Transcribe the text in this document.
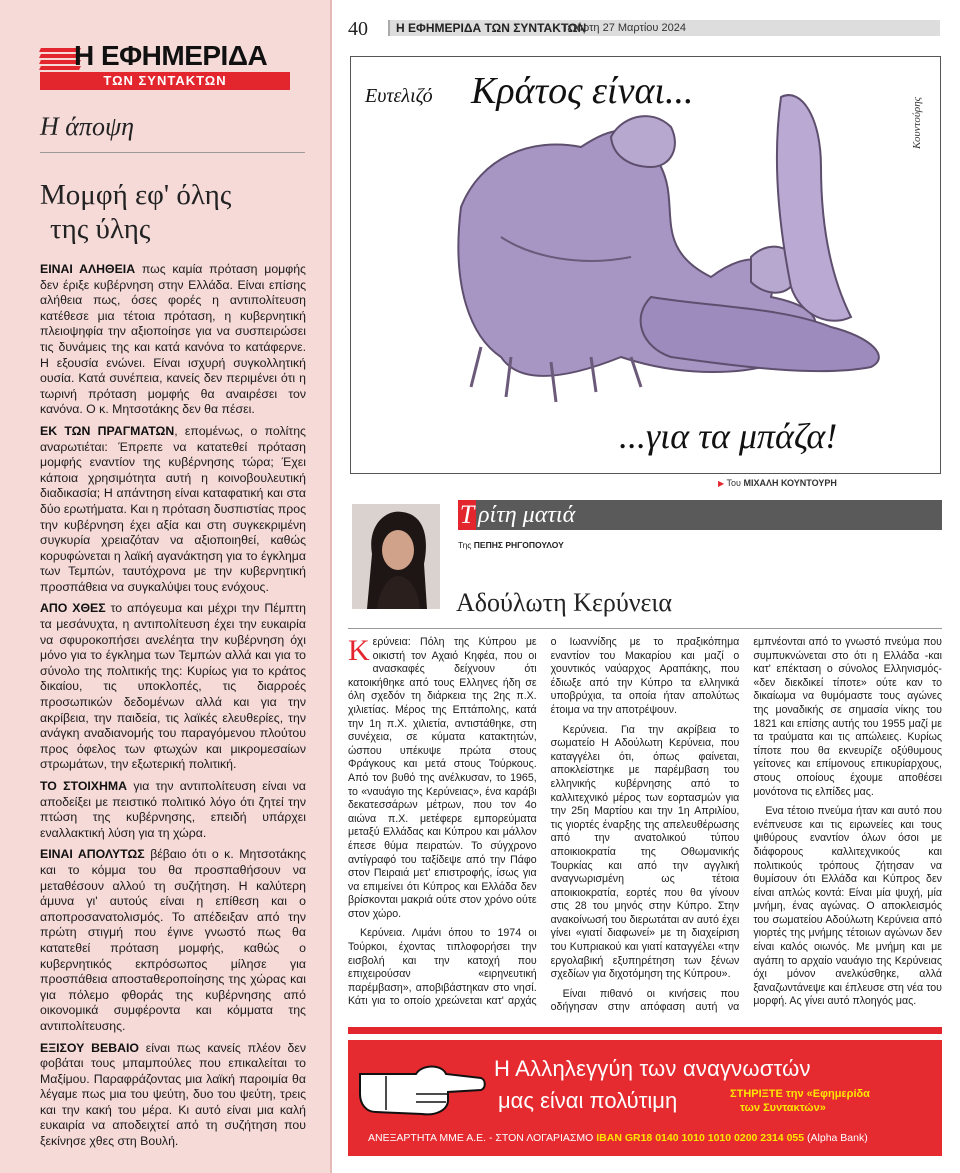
Η ΕΦΗΜΕΡΙΔΑ
ΤΩΝ ΣΥΝΤΑΚΤΩΝ
Η άποψη
Μομφή εφ' όλης
της ύλης

ΕΙΝΑΙ ΑΛΗΘΕΙΑ πως καμία πρόταση μομφής δεν έριξε κυβέρνηση στην Ελλάδα. Είναι επίσης αλήθεια πως, όσες φορές η αντιπολίτευση κατέθεσε μια τέτοια πρόταση, η κυβερνητική πλειοψηφία την αξιοποίησε για να συσπειρώσει τις δυνάμεις της και κατά κανόνα το κατάφερνε. Η εξουσία ενώνει. Είναι ισχυρή συγκολλητική ουσία. Κατά συνέπεια, κανείς δεν περιμένει ότι η τωρινή πρόταση μομφής θα αναιρέσει τον κανόνα. Ο κ. Μητσοτάκης δεν θα πέσει.

ΕΚ ΤΩΝ ΠΡΑΓΜΑΤΩΝ, επομένως, ο πολίτης αναρωτιέται: Έπρεπε να κατατεθεί πρόταση μομφής εναντίον της κυβέρνησης τώρα; Έχει κάποια χρησιμότητα αυτή η κοινοβουλευτική διαδικασία; Η απάντηση είναι καταφατική και στα δύο ερωτήματα. Και η πρόταση δυσπιστίας προς την κυβέρνηση έχει αξία και στη συγκεκριμένη συγκυρία χρειαζόταν να αξιοποιηθεί, καθώς κορυφώνεται η λαϊκή αγανάκτηση για το έγκλημα των Τεμπών, ταυτόχρονα με την κυβερνητική προσπάθεια να συγκαλύψει τους ενόχους.

ΑΠΟ ΧΘΕΣ το απόγευμα και μέχρι την Πέμπτη τα μεσάνυχτα, η αντιπολίτευση έχει την ευκαιρία να σφυροκοπήσει ανελέητα την κυβέρνηση όχι μόνο για το έγκλημα των Τεμπών αλλά και για το σύνολο της πολιτικής της: Κυρίως για το κράτος δικαίου, τις υποκλοπές, τις διαρροές προσωπικών δεδομένων αλλά και για την ακρίβεια, την παιδεία, τις λαϊκές ελευθερίες, την ανάγκη αναδιανομής του παραγόμενου πλούτου προς όφελος των φτωχών και μικρομεσαίων στρωμάτων, την εξωτερική πολιτική.

ΤΟ ΣΤΟΙΧΗΜΑ για την αντιπολίτευση είναι να αποδείξει με πειστικό πολιτικό λόγο ότι ζητεί την πτώση της κυβέρνησης, επειδή υπάρχει εναλλακτική λύση για τη χώρα.

ΕΙΝΑΙ ΑΠΟΛΥΤΩΣ βέβαιο ότι ο κ. Μητσοτάκης και το κόμμα του θα προσπαθήσουν να μεταθέσουν αλλού τη συζήτηση. Η καλύτερη άμυνα γι' αυτούς είναι η επίθεση και ο αποπροσανατολισμός. Το απέδειξαν από την πρώτη στιγμή που έγινε γνωστό πως θα κατατεθεί πρόταση μομφής, καθώς ο κυβερνητικός εκπρόσωπος μίλησε για προσπάθεια αποσταθεροποίησης της χώρας και για πόλεμο φθοράς της κυβέρνησης από οικονομικά συμφέροντα και κόμματα της αντιπολίτευσης.

ΕΞΙΣΟΥ ΒΕΒΑΙΟ είναι πως κανείς πλέον δεν φοβάται τους μπαμπούλες που επικαλείται το Μαξίμου. Παραφράζοντας μια λαϊκή παροιμία θα λέγαμε πως μια του ψεύτη, δυο του ψεύτη, τρεις και την κακή του μέρα. Κι αυτό είναι μια καλή ευκαιρία να αποδειχτεί από τη συζήτηση που ξεκίνησε χθες στη Βουλή.

40 Η ΕΦΗΜΕΡΙΔΑ ΤΩΝ ΣΥΝΤΑΚΤΩΝ
Τετάρτη 27 Μαρτίου 2024
Ευτελιζό Κράτος είναι...
...για τα μπάζα!
Κουντούρης
▶ Του ΜΙΧΑΛΗ ΚΟΥΝΤΟΥΡΗ
Τ ρίτη ματιά
Της ΠΕΠΗΣ ΡΗΓΟΠΟΥΛΟΥ
Αδούλωτη Κερύνεια

Κερύνεια: Πόλη της Κύπρου με οικιστή τον Αχαιό Κηφέα, που οι ανασκαφές δείχνουν ότι κατοικήθηκε από τους Ελληνες ήδη σε όλη σχεδόν τη διάρκεια της 2ης π.Χ. χιλιετίας. Μέρος της Επτάπολης, κατά την 1η π.Χ. χιλιετία, αντιστάθηκε, στη συνέχεια, σε κύματα κατακτητών, ώσπου υπέκυψε πρώτα στους Φράγκους και μετά στους Τούρκους. Από τον βυθό της ανέλκυσαν, το 1965, το «ναυάγιο της Κερύνειας», ένα καράβι δεκατεσσάρων μέτρων, που τον 4ο αιώνα π.Χ. μετέφερε εμπορεύματα μεταξύ Ελλάδας και Κύπρου και μάλλον έπεσε θύμα πειρατών. Το σύγχρονο αντίγραφό του ταξίδεψε από την Πάφο στον Πειραιά μετ' επιστροφής, ίσως για να επιμείνει ότι Κύπρος και Ελλάδα δεν βρίσκονται μακριά ούτε στον χρόνο ούτε στον χώρο.

Κερύνεια. Λιμάνι όπου το 1974 οι Τούρκοι, έχοντας τιπλοφορήσει την εισβολή και την κατοχή που επιχειρούσαν «ειρηνευτική παρέμβαση», αποβιβάστηκαν στο νησί. Κάτι για το οποίο χρεώνεται κατ' αρχάς ο Ιωαννίδης με το πραξικόπημα εναντίον του Μακαρίου και μαζί ο χουντικός ναύαρχος Αραπάκης, που έδιωξε από την Κύπρο τα ελληνικά υποβρύχια, τα οποία ήταν απολύτως έτοιμα να την αποτρέψουν.

Κερύνεια. Για την ακρίβεια το σωματείο Η Αδούλωτη Κερύνεια, που καταγγέλει ότι, όπως φαίνεται, αποκλείστηκε με παρέμβαση του ελληνικής κυβέρνησης από το καλλιτεχνικό μέρος των εορτασμών για την 25η Μαρτίου και την 1η Απριλίου, τις γιορτές έναρξης της απελευθέρωσης από την ανατολικού τύπου αποικιοκρατία της Οθωμανικής Τουρκίας και από την αγγλική αναγνωρισμένη ως τέτοια αποικιοκρατία, εορτές που θα γίνουν στις 28 του μηνός στην Κύπρο. Στην ανακοίνωσή του διερωτάται αν αυτό έχει γίνει «γιατί διαφωνεί» με τη διαχείριση του Κυπριακού και γιατί καταγγέλει «την εργολαβική εξυπηρέτηση των ξένων σχεδίων για διχοτόμηση της Κύπρου».

Είναι πιθανό οι κινήσεις που οδήγησαν στην απόφαση αυτή να εμπνέονται από το γνωστό πνεύμα που συμπυκνώνεται στο ότι η Ελλάδα -και κατ' επέκταση ο σύνολος Ελληνισμός- «δεν διεκδικεί τίποτε» ούτε καν το δικαίωμα να θυμόμαστε τους αγώνες της μοναδικής σε σημασία νίκης του 1821 και επίσης αυτής του 1955 μαζί με τα τραύματα και τις απώλειες. Κυρίως τίποτε που θα εκνευρίζε οξύθυμους γείτονες και επίμονους επικυρίαρχους, στους οποίους έχουμε αποθέσει μονότονα τις ελπίδες μας.

Ενα τέτοιο πνεύμα ήταν και αυτό που ενέπνευσε και τις ειρωνείες και τους ψιθύρους εναντίον όλων όσοι με διάφορους καλλιτεχνικούς και πολιτικούς τρόπους ζήτησαν να θυμίσουν ότι Ελλάδα και Κύπρος δεν είναι απλώς κοντά: Είναι μία ψυχή, μία μνήμη, ένας αγώνας. Ο αποκλεισμός του σωματείου Αδούλωτη Κερύνεια από γιορτές της μνήμης τέτοιων αγώνων δεν είναι καλός οιωνός. Με μνήμη και με αγάπη το αρχαίο ναυάγιο της Κερύνειας όχι μόνον ανελκύσθηκε, αλλά ξαναζωντάνεψε και έπλευσε στη νέα του μορφή. Ας γίνει αυτό πλοηγός μας.

Η Αλληλεγγύη των αναγνωστών
μας είναι πολύτιμη	ΣΤΗΡΙΞΤΕ την «Εφημερίδα
των Συντακτών»
ΑΝΕΞΑΡΤΗΤΑ ΜΜΕ Α.Ε. - ΣΤΟΝ ΛΟΓΑΡΙΑΣΜΟ IBAN GR18 0140 1010 1010 0200 2314 055 (Alpha Bank)
